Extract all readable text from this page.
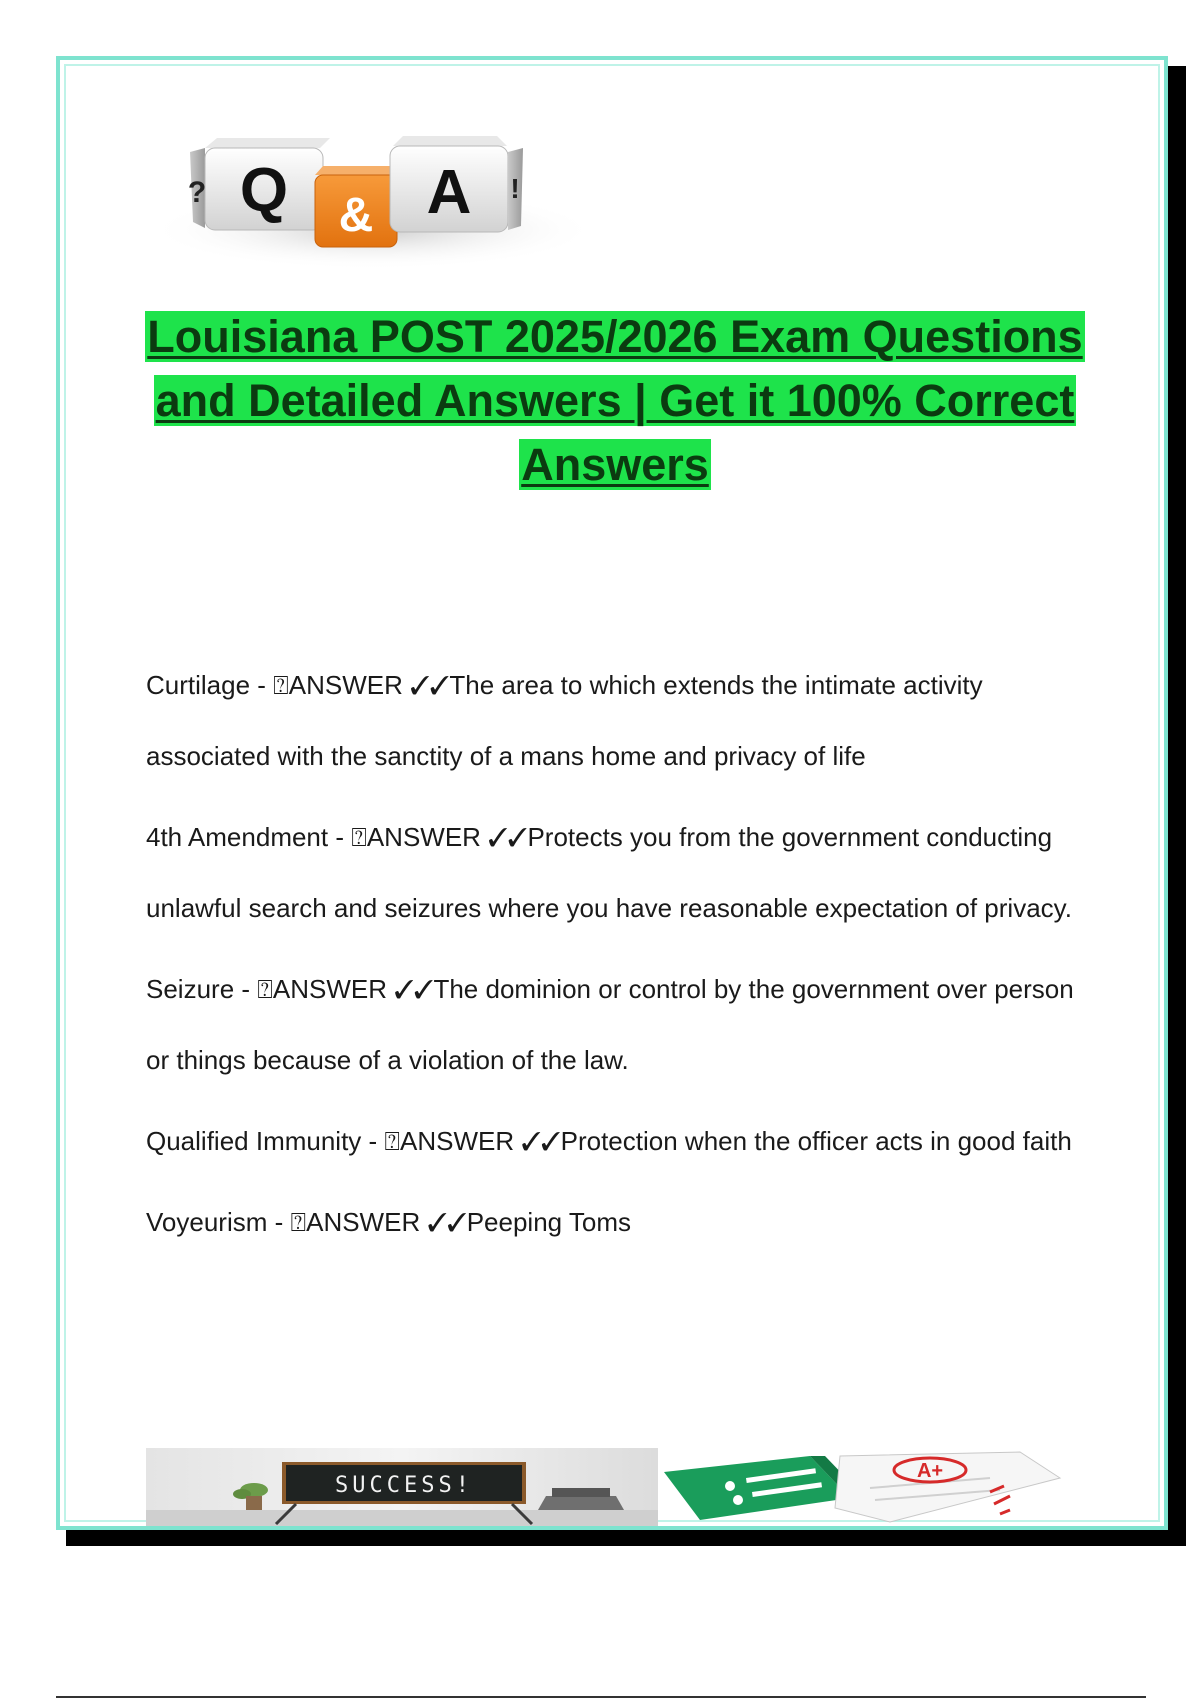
? Q & A !
Louisiana POST 2025/2026 Exam Questions and Detailed Answers | Get it 100% Correct Answers

Curtilage - ⍰ANSWER ✓✓The area to which extends the intimate activity associated with the sanctity of a mans home and privacy of life

4th Amendment - ⍰ANSWER ✓✓Protects you from the government conducting unlawful search and seizures where you have reasonable expectation of privacy.

Seizure - ⍰ANSWER ✓✓The dominion or control by the government over person or things because of a violation of the law.

Qualified Immunity - ⍰ANSWER ✓✓Protection when the officer acts in good faith

Voyeurism - ⍰ANSWER ✓✓Peeping Toms

SUCCESS!
A+
